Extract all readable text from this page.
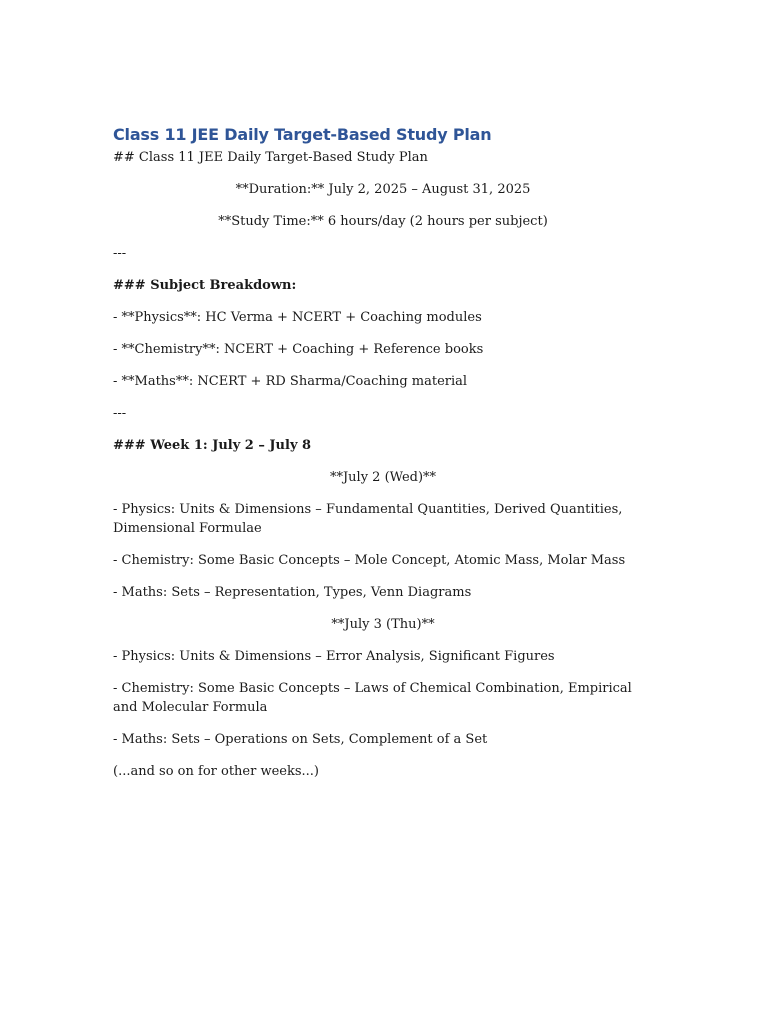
Class 11 JEE Daily Target-Based Study Plan

## Class 11 JEE Daily Target-Based Study Plan

**Duration:** July 2, 2025 – August 31, 2025

**Study Time:** 6 hours/day (2 hours per subject)

---

### Subject Breakdown:

- **Physics**: HC Verma + NCERT + Coaching modules

- **Chemistry**: NCERT + Coaching + Reference books

- **Maths**: NCERT + RD Sharma/Coaching material

---

### Week 1: July 2 – July 8

**July 2 (Wed)**

- Physics: Units & Dimensions – Fundamental Quantities, Derived Quantities, Dimensional Formulae

- Chemistry: Some Basic Concepts – Mole Concept, Atomic Mass, Molar Mass

- Maths: Sets – Representation, Types, Venn Diagrams

**July 3 (Thu)**

- Physics: Units & Dimensions – Error Analysis, Significant Figures

- Chemistry: Some Basic Concepts – Laws of Chemical Combination, Empirical and Molecular Formula

- Maths: Sets – Operations on Sets, Complement of a Set

(...and so on for other weeks...)
